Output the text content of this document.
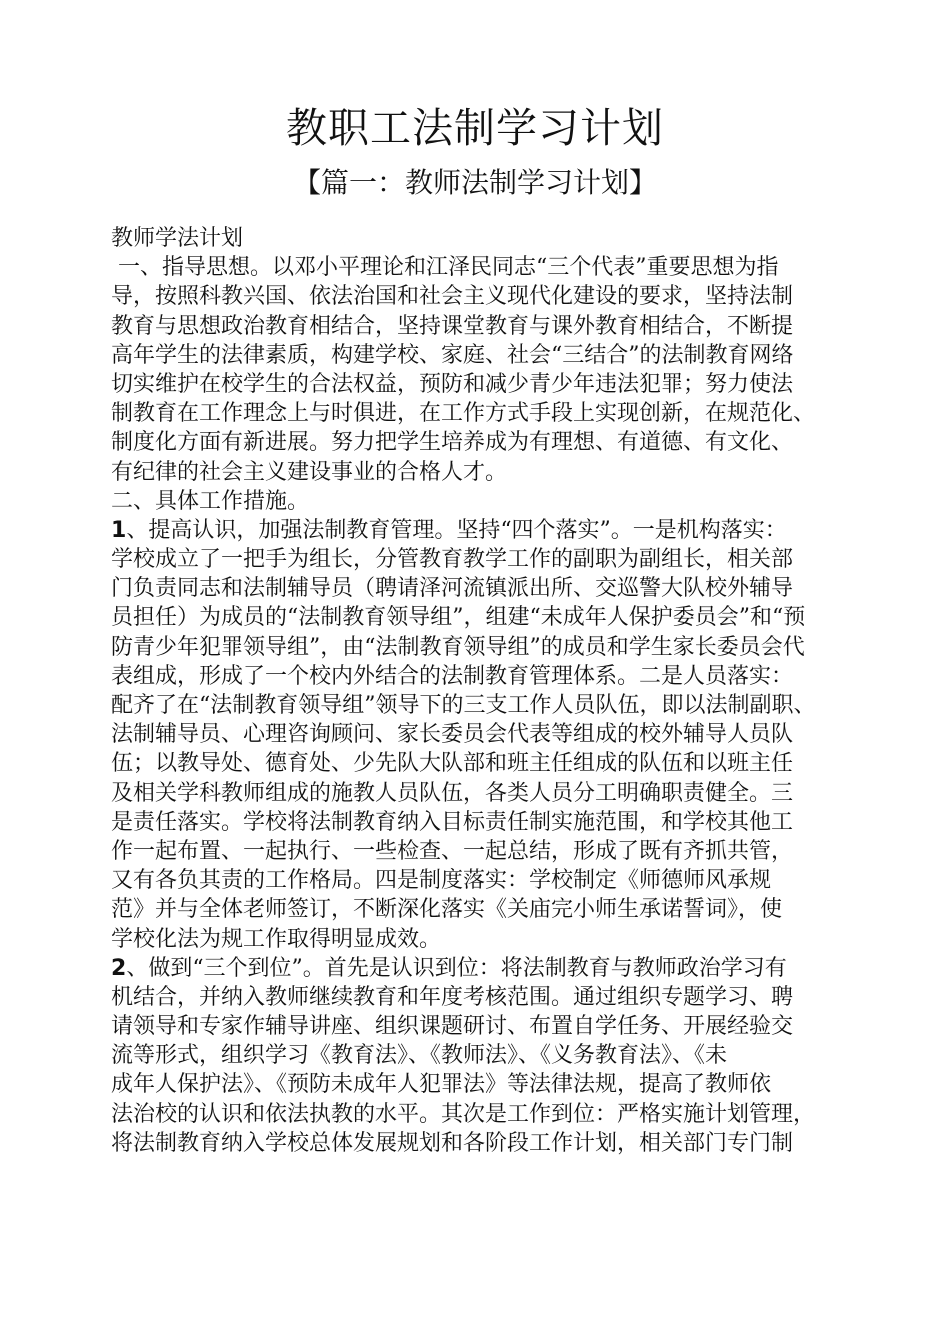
教职工法制学习计划
【篇一：教师法制学习计划】
教师学法计划
一、指导思想。以邓小平理论和江泽民同志“三个代表”重要思想为指
导，按照科教兴国、依法治国和社会主义现代化建设的要求，坚持法制
教育与思想政治教育相结合，坚持课堂教育与课外教育相结合，不断提
高年学生的法律素质，构建学校、家庭、社会“三结合”的法制教育网络
切实维护在校学生的合法权益，预防和减少青少年违法犯罪；努力使法
制教育在工作理念上与时俱进，在工作方式手段上实现创新，在规范化、
制度化方面有新进展。努力把学生培养成为有理想、有道德、有文化、
有纪律的社会主义建设事业的合格人才。
二、具体工作措施。
1、提高认识，加强法制教育管理。坚持“四个落实”。一是机构落实：
学校成立了一把手为组长，分管教育教学工作的副职为副组长，相关部
门负责同志和法制辅导员（聘请泽河流镇派出所、交巡警大队校外辅导
员担任）为成员的“法制教育领导组”，组建“未成年人保护委员会”和“预
防青少年犯罪领导组”，由“法制教育领导组”的成员和学生家长委员会代
表组成，形成了一个校内外结合的法制教育管理体系。二是人员落实：
配齐了在“法制教育领导组”领导下的三支工作人员队伍，即以法制副职、
法制辅导员、心理咨询顾问、家长委员会代表等组成的校外辅导人员队
伍；以教导处、德育处、少先队大队部和班主任组成的队伍和以班主任
及相关学科教师组成的施教人员队伍，各类人员分工明确职责健全。三
是责任落实。学校将法制教育纳入目标责任制实施范围，和学校其他工
作一起布置、一起执行、一些检查、一起总结，形成了既有齐抓共管，
又有各负其责的工作格局。四是制度落实：学校制定《师德师风承规
范》并与全体老师签订，不断深化落实《关庙完小师生承诺誓词》，使
学校化法为规工作取得明显成效。
2、做到“三个到位”。首先是认识到位：将法制教育与教师政治学习有
机结合，并纳入教师继续教育和年度考核范围。通过组织专题学习、聘
请领导和专家作辅导讲座、组织课题研讨、布置自学任务、开展经验交
流等形式，组织学习《教育法》、《教师法》、《义务教育法》、《未
成年人保护法》、《预防未成年人犯罪法》等法律法规，提高了教师依
法治校的认识和依法执教的水平。其次是工作到位：严格实施计划管理，
将法制教育纳入学校总体发展规划和各阶段工作计划，相关部门专门制
